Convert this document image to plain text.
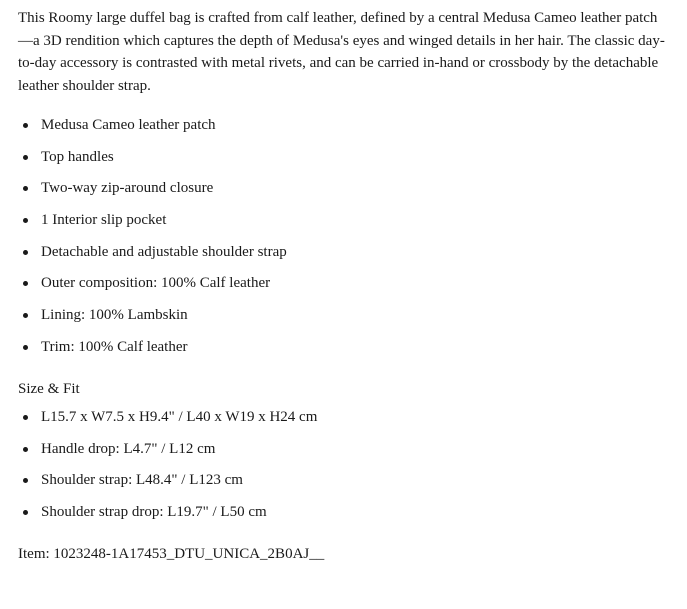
This Roomy large duffel bag is crafted from calf leather, defined by a central Medusa Cameo leather patch—a 3D rendition which captures the depth of Medusa's eyes and winged details in her hair. The classic day-to-day accessory is contrasted with metal rivets, and can be carried in-hand or crossbody by the detachable leather shoulder strap.

Medusa Cameo leather patch
Top handles
Two-way zip-around closure
1 Interior slip pocket
Detachable and adjustable shoulder strap
Outer composition: 100% Calf leather
Lining: 100% Lambskin
Trim: 100% Calf leather
Size & Fit
L15.7 x W7.5 x H9.4" / L40 x W19 x H24 cm
Handle drop: L4.7" / L12 cm
Shoulder strap: L48.4" / L123 cm
Shoulder strap drop: L19.7" / L50 cm
Item: 1023248-1A17453_DTU_UNICA_2B0AJ__
